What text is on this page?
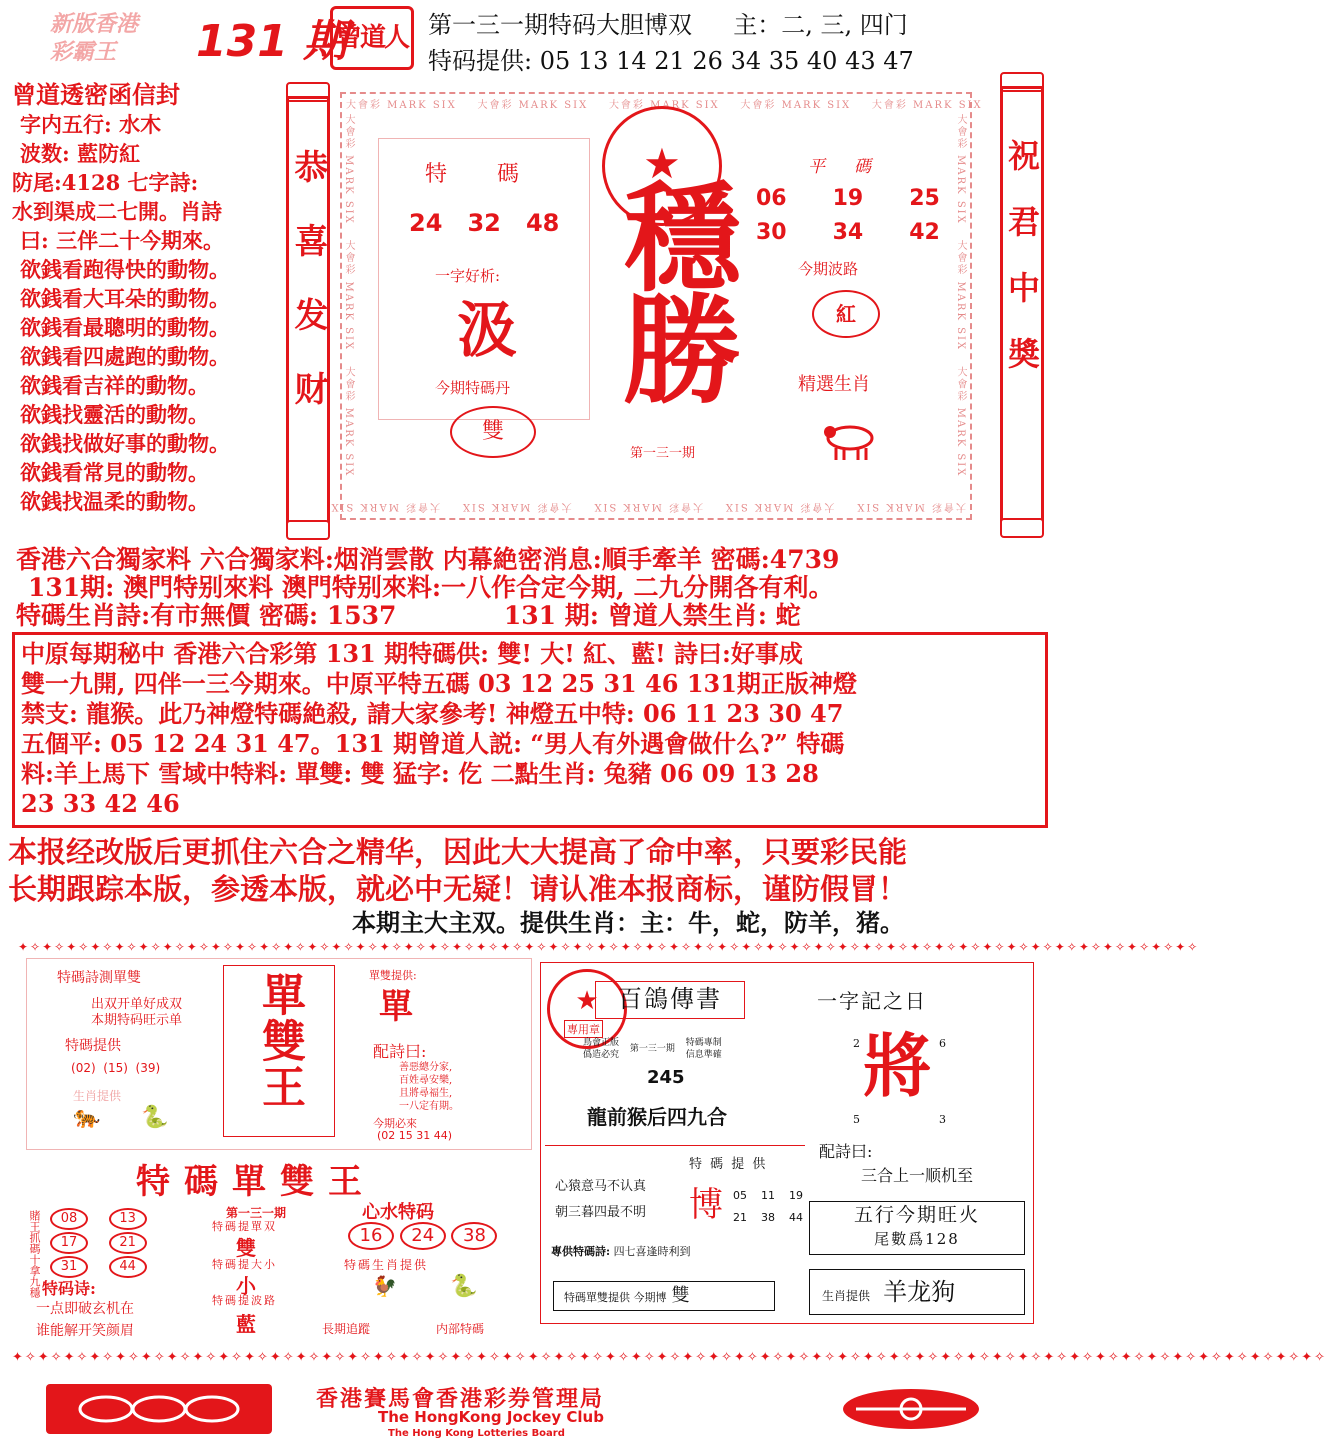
新版香港
彩霸王	131 期
曾道人 第一三一期特码大胆博双 主：二, 三, 四门
特码提供: 05 13 14 21 26 34 35 40 43 47
曾道透密函信封
字内五行: 水木
波数: 藍防紅
防尾:4128 七字詩:
水到渠成二七開。肖詩
曰: 三伴二十今期來。
欲銭看跑得快的動物。
欲銭看大耳朵的動物。
欲銭看最聰明的動物。
欲銭看四處跑的動物。
欲銭看吉祥的動物。
欲銭找靈活的動物。
欲銭找做好事的動物。
欲銭看常見的動物。
欲銭找温柔的動物。
恭喜发财
大會彩 MARK SIX 大會彩 MARK SIX 大會彩 MARK SIX 大會彩 MARK SIX 大會彩 MARK SIX
大會彩 MARK SIX    大會彩 MARK SIX    大會彩 MARK SIX    大會彩 MARK SIX    大會彩 MARK SIX
大會彩 MARK SIX   大會彩 MARK SIX   大會彩 MARK SIX
大會彩 MARK SIX   大會彩 MARK SIX   大會彩 MARK SIX
特　碼
24 32 48
一字好析:
汲
今期特碼丹
雙
★
穩勝
第一三一期
平　碼
06 19 25
30 34 42
今期波路
紅
精選生肖	祝君中奬
香港六合獨家料 六合獨家料:烟消雲散 内幕絶密消息:順手牽羊 密碼:4739
131期: 澳門特别來料 澳門特别來料:一八作合定今期, 二九分開各有利。
特碼生肖詩:有市無價 密碼: 1537	131 期: 曾道人禁生肖: 蛇
中原每期秘中 香港六合彩第 131 期特碼供: 雙! 大! 紅、藍! 詩曰:好事成
雙一九開, 四伴一三今期來。中原平特五碼 03 12 25 31 46 131期正版神燈
禁支: 龍猴。此乃神燈特碼絶殺, 請大家參考! 神燈五中特: 06 11 23 30 47
五個平: 05 12 24 31 47。131 期曾道人説: “男人有外遇會做什么?” 特碼
料:羊上馬下 雪域中特料: 單雙: 雙 猛字: 仡 二點生肖: 兔豬 06 09 13 28
23 33 42 46
本报经改版后更抓住六合之精华，因此大大提高了命中率，只要彩民能
长期跟踪本版，参透本版，就必中无疑！请认准本报商标，谨防假冒！
本期主大主双。提供生肖：主：牛，蛇，防羊，猪。
✦✧✦✧✦✧✦✧✦✧✦✧✦✧✦✧✦✧✦✧✦✧✦✧✦✧✦✧✦✧✦✧✦✧✦✧✦✧✦✧✦✧✦✧✦✧✦✧✦✧✦✧✦✧✦✧✦✧✦✧✦✧✦✧✦✧✦✧✦✧✦✧✦✧✦✧✦✧✦✧✦✧✦✧✦✧✦✧✦✧✦✧✦✧✦✧✦✧
特碼詩測單雙
出双开单好成双
本期特码旺示单
特碼提供
(02)  (15)  (39)
生肖提供
🐅 🐍
單雙王	單雙提供:
單
配詩曰:
善惡總分家,
百姓尋安樂,
且將尋福生,
一八定有期。
今期必來
(02 15 31 44)
特碼單雙王
賭王抓碼十拿九穩	08	13
17	21
31	44
特码诗:
一点即破玄机在
谁能解开笑颜眉
第一三一期
特碼提單双
雙
特碼提大小
小
特碼提波路
藍
心水特码
16 24 38
特碼生肖提供
🐓 🐍
長期追蹤	内部特碼
★
專用章
百鴿傳書
鳥會正版
僞造必究
第一三一期
特碼專制
信息準確
245
龍前猴后四九合
一字記之日
將
2	6
5	3
配詩曰:
三合上一顺机至
心猿意马不认真
朝三暮四最不明
專供特碼詩: 四七喜逢時利到
特 碼 提 供
博 05 11 19
21 38 44	五行今期旺火
尾數爲128
特碼單雙提供 今期博 雙	生肖提供 羊龙狗
✦✧✦✧✦✧✦✧✦✧✦✧✦✧✦✧✦✧✦✧✦✧✦✧✦✧✦✧✦✧✦✧✦✧✦✧✦✧✦✧✦✧✦✧✦✧✦✧✦✧✦✧✦✧✦✧✦✧✦✧✦✧✦✧✦✧✦✧✦✧✦✧✦✧✦✧✦✧✦✧✦✧✦✧✦✧✦✧✦✧✦✧✦✧✦✧✦✧✦✧✦✧
香港賽馬會香港彩券管理局
The HongKong Jockey Club
The Hong Kong Lotteries Board
